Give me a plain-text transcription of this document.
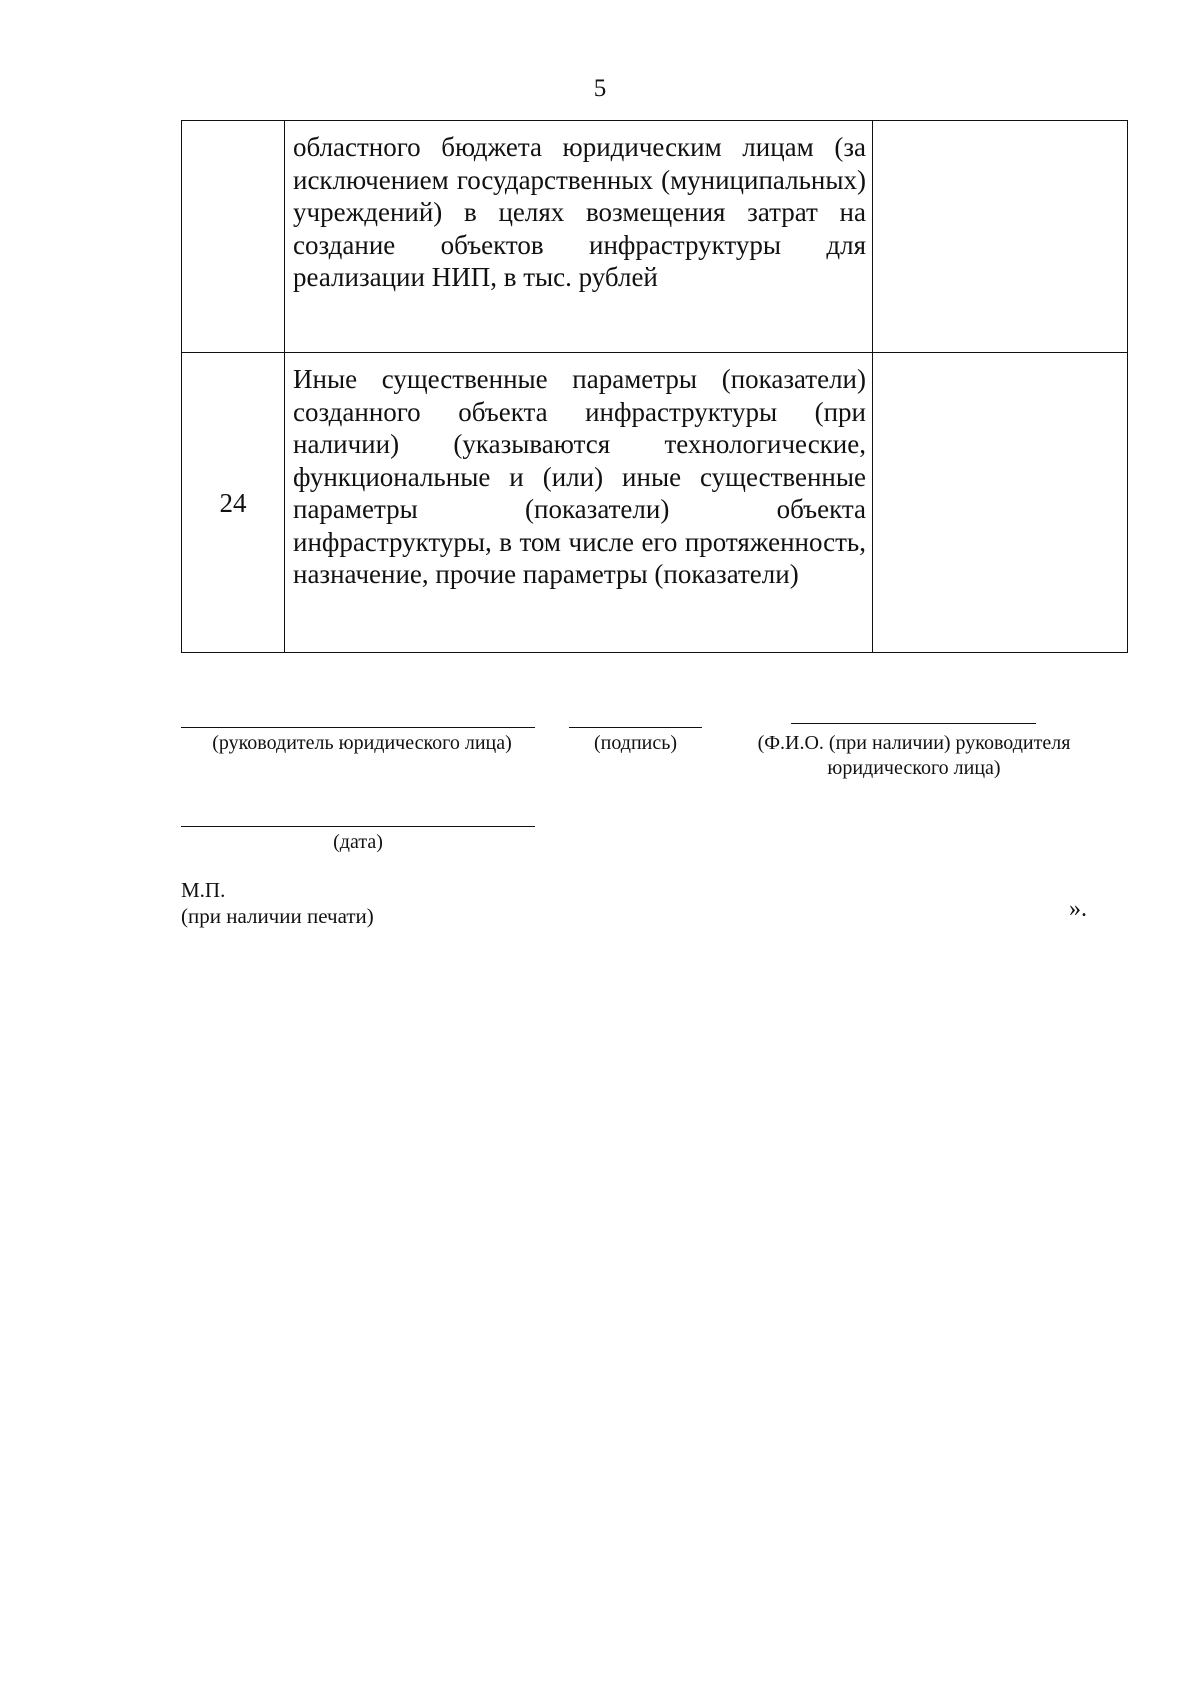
5
	областного бюджета юридическим лицам (за исключением государственных (муниципальных) учреждений) в целях возмещения затрат на создание объектов инфраструктуры для реализации НИП, в тыс. рублей	
24	Иные существенные параметры (показатели) созданного объекта инфраструктуры (при наличии) (указываются технологические, функциональные и (или) иные существенные параметры (показатели) объекта инфраструктуры, в том числе его протяженность, назначение, прочие параметры (показатели)	
(руководитель юридического лица)	(подпись)	(Ф.И.О. (при наличии) руководителя
юридического лица)
(дата)
М.П.
(при наличии печати)	».
